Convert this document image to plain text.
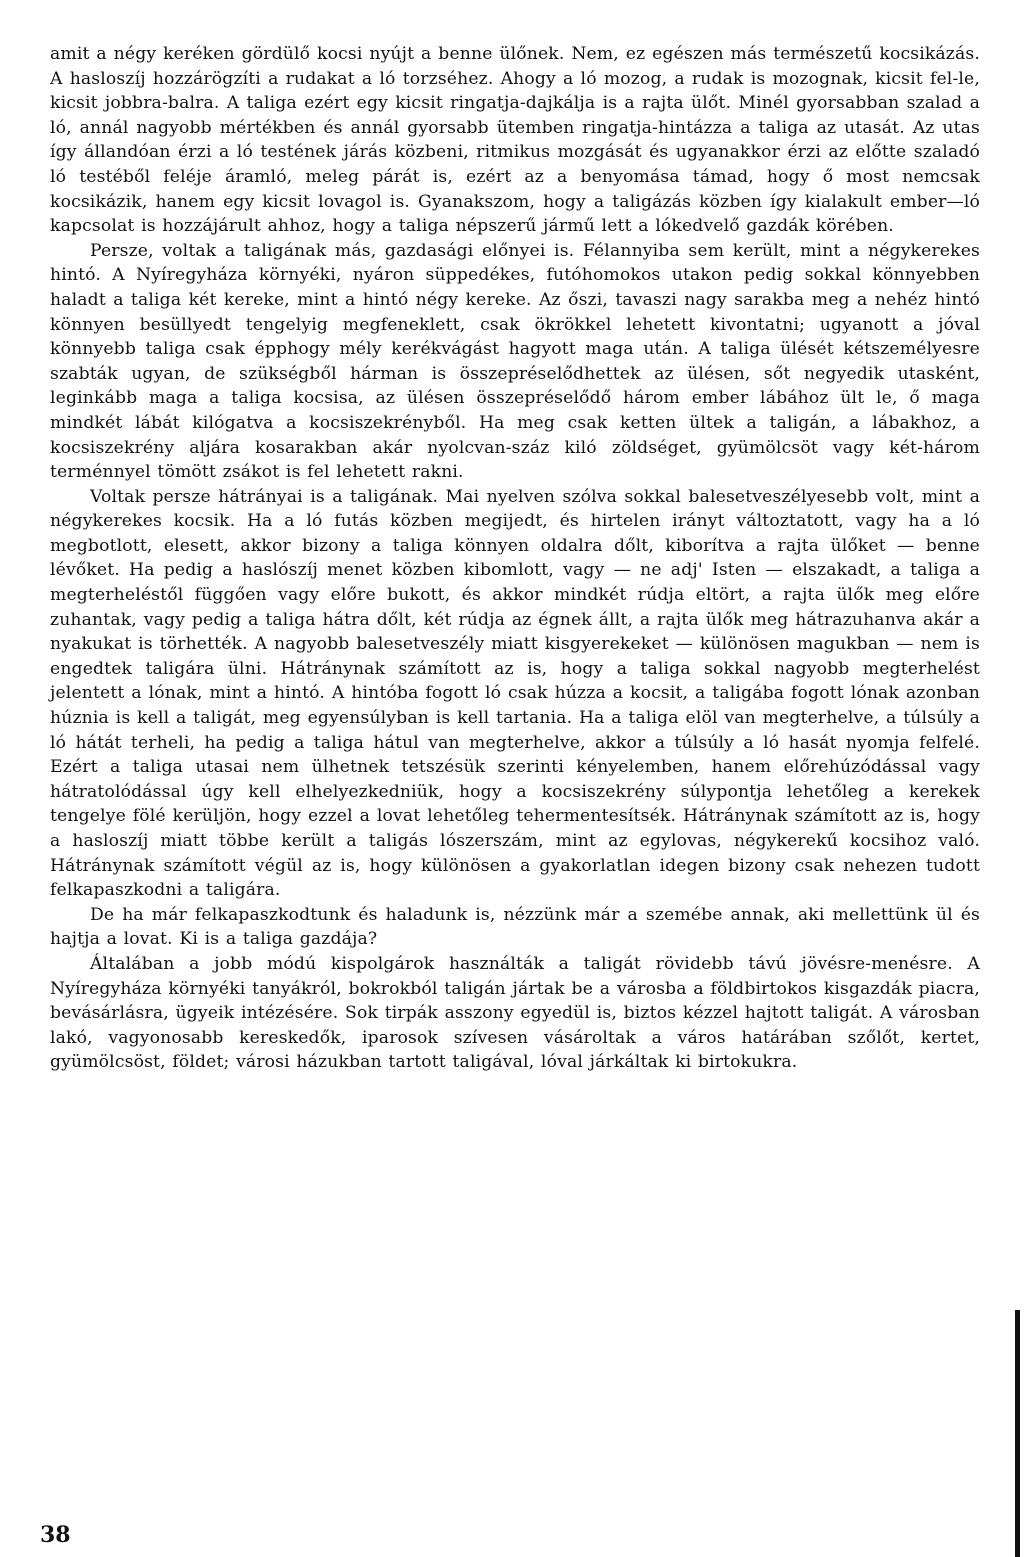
amit a négy keréken gördülő kocsi nyújt a benne ülőnek. Nem, ez egészen más természetű kocsikázás. A hasloszíj hozzárögzíti a rudakat a ló torzséhez. Ahogy a ló mozog, a rudak is mozognak, kicsit fel-le, kicsit jobbra-balra. A taliga ezért egy kicsit ringatja-dajkálja is a rajta ülőt. Minél gyorsabban szalad a ló, annál nagyobb mértékben és annál gyorsabb ütemben ringatja-hintázza a taliga az utasát. Az utas így állandóan érzi a ló testének járás közbeni, ritmikus mozgását és ugyanakkor érzi az előtte szaladó ló testéből feléje áramló, meleg párát is, ezért az a benyomása támad, hogy ő most nemcsak kocsikázik, hanem egy kicsit lovagol is. Gyanakszom, hogy a taligázás közben így kialakult ember—ló kapcsolat is hozzájárult ahhoz, hogy a taliga népszerű jármű lett a lókedvelő gazdák körében.

Persze, voltak a taligának más, gazdasági előnyei is. Félannyiba sem került, mint a négykerekes hintó. A Nyíregyháza környéki, nyáron süppedékes, futóhomokos utakon pedig sokkal könnyebben haladt a taliga két kereke, mint a hintó négy kereke. Az őszi, tavaszi nagy sarakba meg a nehéz hintó könnyen besüllyedt tengelyig megfeneklett, csak ökrökkel lehetett kivontatni; ugyanott a jóval könnyebb taliga csak épphogy mély kerékvágást hagyott maga után. A taliga ülését kétszemélyesre szabták ugyan, de szükségből hárman is összepréselődhettek az ülésen, sőt negyedik utasként, leginkább maga a taliga kocsisa, az ülésen összepréselődő három ember lábához ült le, ő maga mindkét lábát kilógatva a kocsiszekrényből. Ha meg csak ketten ültek a taligán, a lábakhoz, a kocsiszekrény aljára kosarakban akár nyolcvan-száz kiló zöldséget, gyümölcsöt vagy két-három terménnyel tömött zsákot is fel lehetett rakni.

Voltak persze hátrányai is a taligának. Mai nyelven szólva sokkal balesetveszélyesebb volt, mint a négykerekes kocsik. Ha a ló futás közben megijedt, és hirtelen irányt változtatott, vagy ha a ló megbotlott, elesett, akkor bizony a taliga könnyen oldalra dőlt, kiborítva a rajta ülőket — benne lévőket. Ha pedig a haslószíj menet közben kibomlott, vagy — ne adj' Isten — elszakadt, a taliga a megterheléstől függően vagy előre bukott, és akkor mindkét rúdja eltört, a rajta ülők meg előre zuhantak, vagy pedig a taliga hátra dőlt, két rúdja az égnek állt, a rajta ülők meg hátrazuhanva akár a nyakukat is törhették. A nagyobb balesetveszély miatt kisgyerekeket — különösen magukban — nem is engedtek taligára ülni. Hátránynak számított az is, hogy a taliga sokkal nagyobb megterhelést jelentett a lónak, mint a hintó. A hintóba fogott ló csak húzza a kocsit, a taligába fogott lónak azonban húznia is kell a taligát, meg egyensúlyban is kell tartania. Ha a taliga elöl van megterhelve, a túlsúly a ló hátát terheli, ha pedig a taliga hátul van megterhelve, akkor a túlsúly a ló hasát nyomja felfelé. Ezért a taliga utasai nem ülhetnek tetszésük szerinti kényelemben, hanem előrehúzódással vagy hátratolódással úgy kell elhelyezkedniük, hogy a kocsiszekrény súlypontja lehetőleg a kerekek tengelye fölé kerüljön, hogy ezzel a lovat lehetőleg tehermentesítsék. Hátránynak számított az is, hogy a hasloszíj miatt többe került a taligás lószerszám, mint az egylovas, négykerekű kocsihoz való. Hátránynak számított végül az is, hogy különösen a gyakorlatlan idegen bizony csak nehezen tudott felkapaszkodni a taligára.

De ha már felkapaszkodtunk és haladunk is, nézzünk már a szemébe annak, aki mellettünk ül és hajtja a lovat. Ki is a taliga gazdája?

Általában a jobb módú kispolgárok használták a taligát rövidebb távú jövésre-menésre. A Nyíregyháza környéki tanyákról, bokrokból taligán jártak be a városba a földbirtokos kisgazdák piacra, bevásárlásra, ügyeik intézésére. Sok tirpák asszony egyedül is, biztos kézzel hajtott taligát. A városban lakó, vagyonosabb kereskedők, iparosok szívesen vásároltak a város határában szőlőt, kertet, gyümölcsöst, földet; városi házukban tartott taligával, lóval járkáltak ki birtokukra.

38
